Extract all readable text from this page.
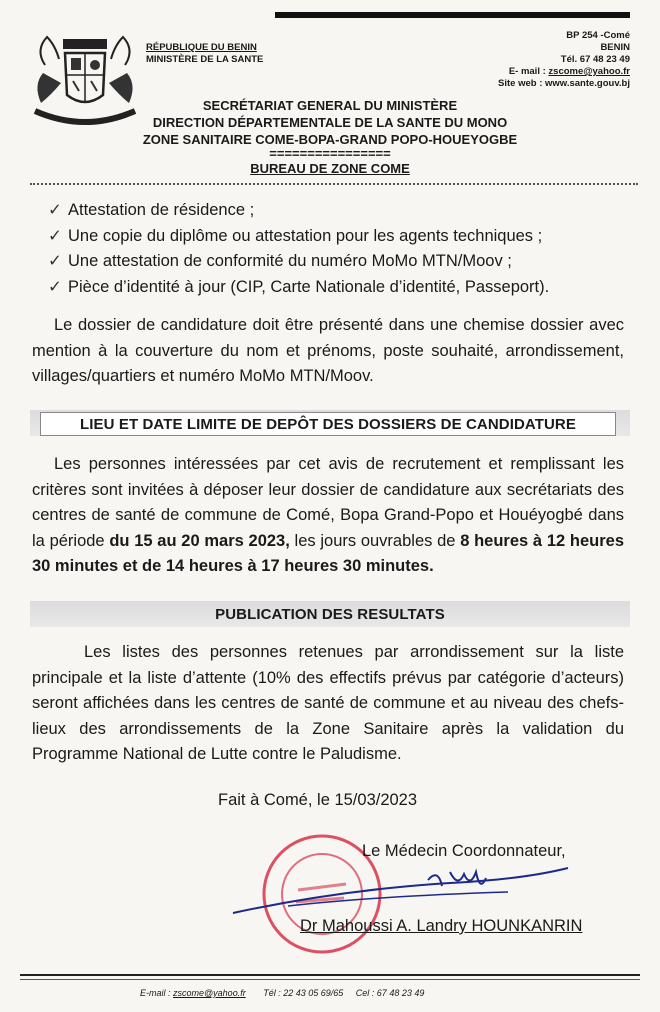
RÉPUBLIQUE DU BENIN
MINISTÈRE DE LA SANTE
BP 254 -Comé
BENIN
Tél. 67 48 23 49
E- mail : zscome@yahoo.fr
Site web : www.sante.gouv.bj
SECRÉTARIAT GENERAL DU MINISTÈRE
DIRECTION DÉPARTEMENTALE DE LA SANTE DU MONO
ZONE SANITAIRE COME-BOPA-GRAND POPO-HOUEYOGBE
================
BUREAU DE ZONE COME
✓ Attestation de résidence ;
✓ Une copie du diplôme ou attestation pour les agents techniques ;
✓ Une attestation de conformité du numéro MoMo MTN/Moov ;
✓ Pièce d’identité à jour (CIP, Carte Nationale d’identité, Passeport).

Le dossier de candidature doit être présenté dans une chemise dossier avec mention à la couverture du nom et prénoms, poste souhaité, arrondissement, villages/quartiers et numéro MoMo MTN/Moov.

LIEU ET DATE LIMITE DE DEPÔT DES DOSSIERS DE CANDIDATURE

Les personnes intéressées par cet avis de recrutement et remplissant les critères sont invitées à déposer leur dossier de candidature aux secrétariats des centres de santé de commune de Comé, Bopa Grand-Popo et Houéyogbé dans la période du 15 au 20 mars 2023, les jours ouvrables de 8 heures à 12 heures 30 minutes et de 14 heures à 17 heures 30 minutes.

PUBLICATION DES RESULTATS

Les listes des personnes retenues par arrondissement sur la liste principale et la liste d’attente (10% des effectifs prévus par catégorie d’acteurs) seront affichées dans les centres de santé de commune et au niveau des chefs-lieux des arrondissements de la Zone Sanitaire après la validation du Programme National de Lutte contre le Paludisme.

Fait à Comé, le 15/03/2023
Le Médecin Coordonnateur,
Dr Mahoussi A. Landry HOUNKANRIN
E-mail : zscome@yahoo.fr Tél : 22 43 05 69/65 Cel : 67 48 23 49
